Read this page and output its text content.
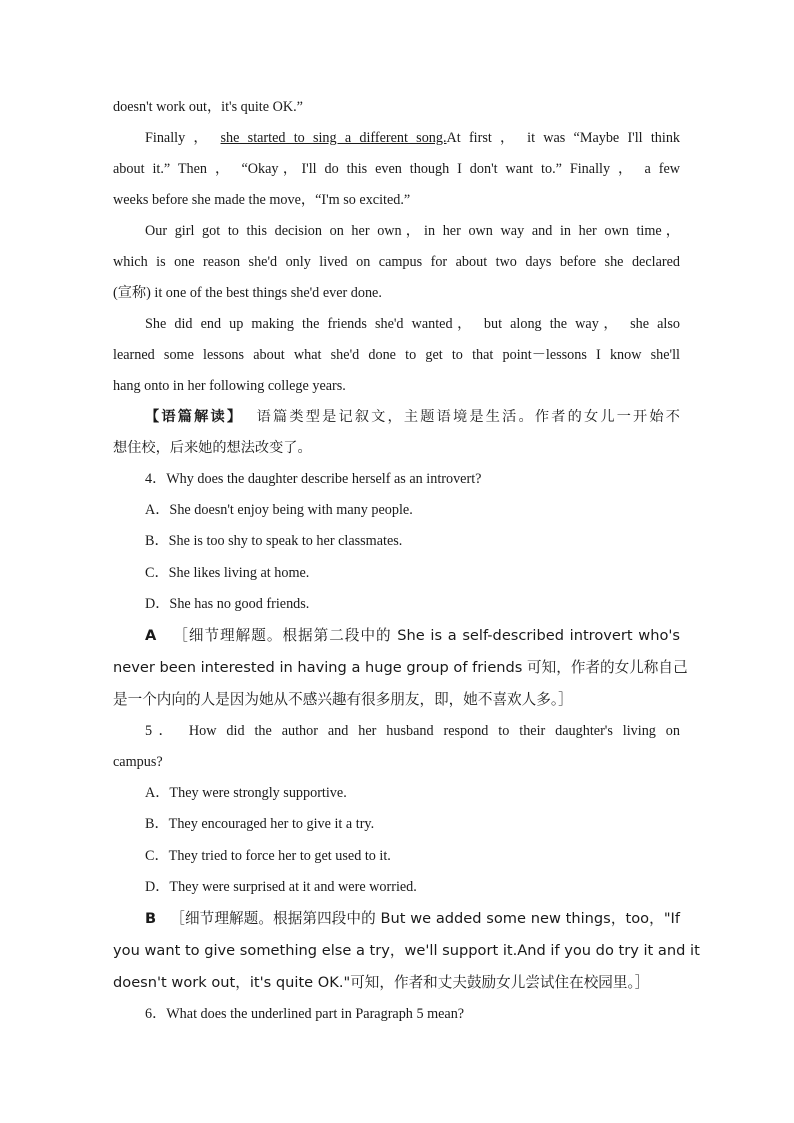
doesn't work out，it's quite OK.”

Finally ， she started to sing a different song.At first ， it was “Maybe I'll think

about it.” Then ， “Okay，I'll do this even though I don't want to.” Finally ， a few

weeks before she made the move，“I'm so excited.”

Our girl got to this decision on her own，in her own way and in her own time，

which is one reason she'd only lived on campus for about two days before she declared

(宣称) it one of the best things she'd ever done.

She did end up making the friends she'd wanted， but along the way， she also

learned some lessons about what she'd done to get to that point－lessons I know she'll

hang onto in her following college years.

【语篇解读】 语篇类型是记叙文，主题语境是生活。作者的女儿一开始不

想住校，后来她的想法改变了。

4．Why does the daughter describe herself as an introvert?

A．She doesn't enjoy being with many people.

B．She is too shy to speak to her classmates.

C．She likes living at home.

D．She has no good friends.

A ［细节理解题。根据第二段中的 She is a self-described introvert who's

never been interested in having a huge group of friends 可知，作者的女儿称自己

是一个内向的人是因为她从不感兴趣有很多朋友，即，她不喜欢人多。］

5． How did the author and her husband respond to their daughter's living on

campus?

A．They were strongly supportive.

B．They encouraged her to give it a try.

C．They tried to force her to get used to it.

D．They were surprised at it and were worried.

B ［细节理解题。根据第四段中的 But we added some new things，too，"If

you want to give something else a try，we'll support it.And if you do try it and it

doesn't work out，it's quite OK."可知，作者和丈夫鼓励女儿尝试住在校园里。］

6．What does the underlined part in Paragraph 5 mean?
